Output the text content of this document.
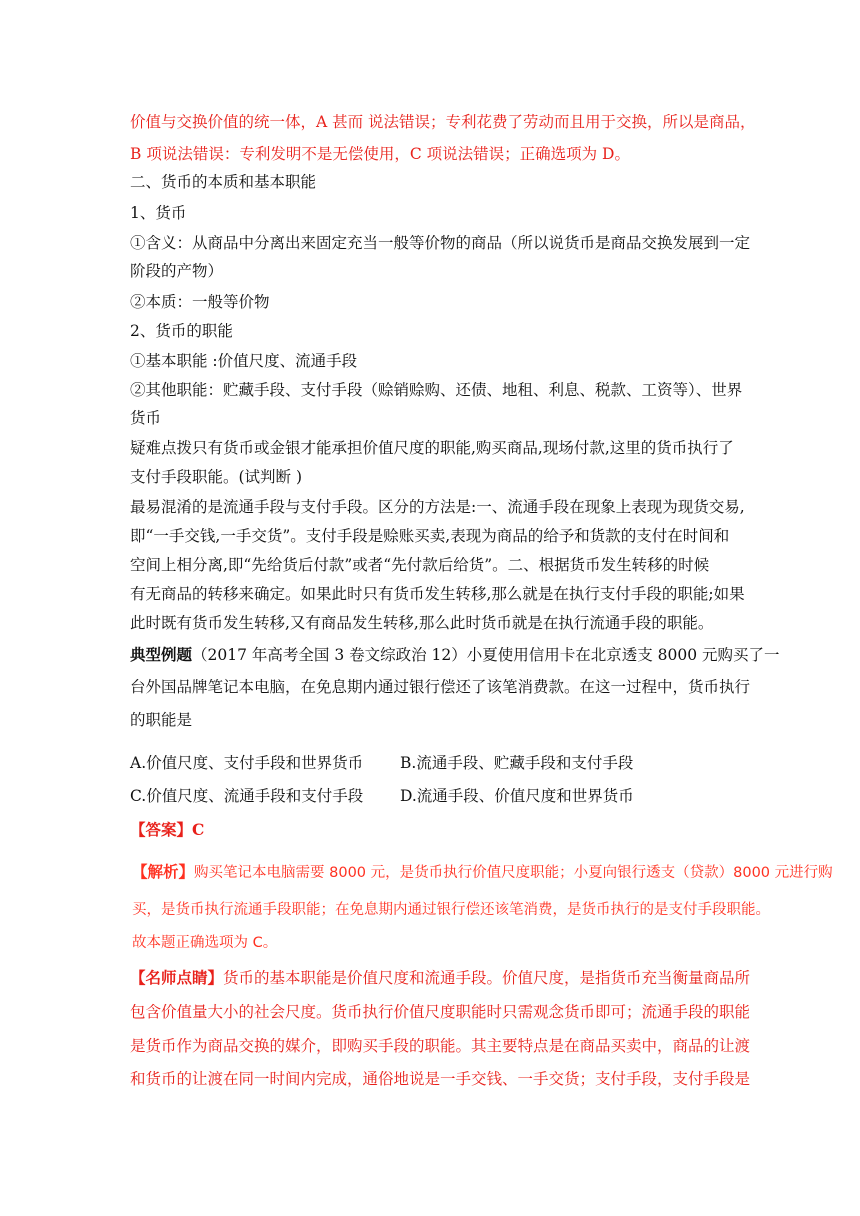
价值与交换价值的统一体，A 甚而 说法错误；专利花费了劳动而且用于交换，所以是商品，
B 项说法错误：专利发明不是无偿使用，C 项说法错误；正确选项为 D。
二、货币的本质和基本职能
1、货币
①含义：从商品中分离出来固定充当一般等价物的商品（所以说货币是商品交换发展到一定
阶段的产物）
②本质：一般等价物
2、货币的职能
①基本职能 :价值尺度、流通手段
②其他职能：贮藏手段、支付手段（赊销赊购、还债、地租、利息、税款、工资等）、世界
货币
疑难点拨只有货币或金银才能承担价值尺度的职能,购买商品,现场付款,这里的货币执行了
支付手段职能。(试判断 )
最易混淆的是流通手段与支付手段。区分的方法是:一、流通手段在现象上表现为现货交易,
即“一手交钱,一手交货”。支付手段是赊账买卖,表现为商品的给予和货款的支付在时间和
空间上相分离,即“先给货后付款”或者“先付款后给货”。二、根据货币发生转移的时候
有无商品的转移来确定。如果此时只有货币发生转移,那么就是在执行支付手段的职能;如果
此时既有货币发生转移,又有商品发生转移,那么此时货币就是在执行流通手段的职能。
典型例题（2017 年高考全国 3 卷文综政治 12）小夏使用信用卡在北京透支 8000 元购买了一
台外国品牌笔记本电脑，在免息期内通过银行偿还了该笔消费款。在这一过程中，货币执行
的职能是
A.价值尺度、支付手段和世界货币 B.流通手段、贮藏手段和支付手段
C.价值尺度、流通手段和支付手段 D.流通手段、价值尺度和世界货币
【答案】C
【解析】购买笔记本电脑需要 8000 元，是货币执行价值尺度职能；小夏向银行透支（贷款）8000 元进行购
买，是货币执行流通手段职能；在免息期内通过银行偿还该笔消费，是货币执行的是支付手段职能。
故本题正确选项为 C。
【名师点睛】货币的基本职能是价值尺度和流通手段。价值尺度，是指货币充当衡量商品所
包含价值量大小的社会尺度。货币执行价值尺度职能时只需观念货币即可；流通手段的职能
是货币作为商品交换的媒介，即购买手段的职能。其主要特点是在商品买卖中，商品的让渡
和货币的让渡在同一时间内完成，通俗地说是一手交钱、一手交货；支付手段，支付手段是
